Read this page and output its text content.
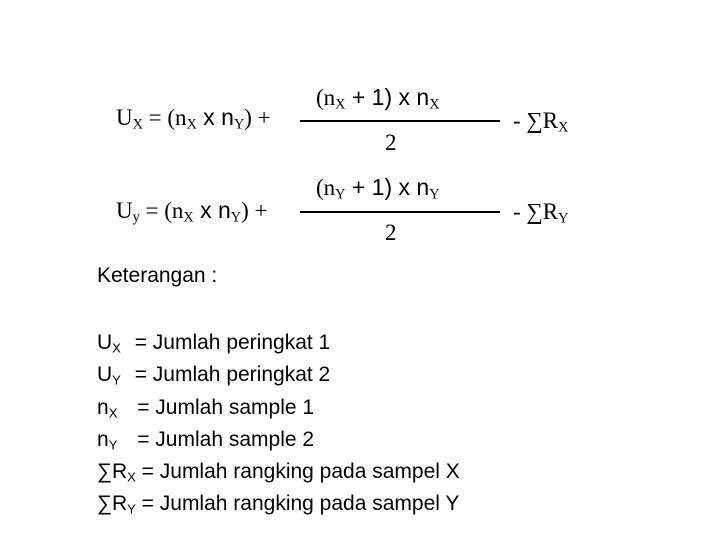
$U_X = (n_X$ x $n_Y$) +
$(n_X + 1)$ x $n_X$
2
- $\sum R_X$
$U_y = (n_X$ x $n_Y$) +
$(n_Y + 1)$ x $n_Y$
2
- $\sum R_Y$
Keterangan :
$U_X$ = Jumlah peringkat 1
$U_Y$ = Jumlah peringkat 2
$n_X$ = Jumlah sample 1
$n_Y$ = Jumlah sample 2
$\sum R_X$ = Jumlah rangking pada sampel X
$\sum R_Y$ = Jumlah rangking pada sampel Y
